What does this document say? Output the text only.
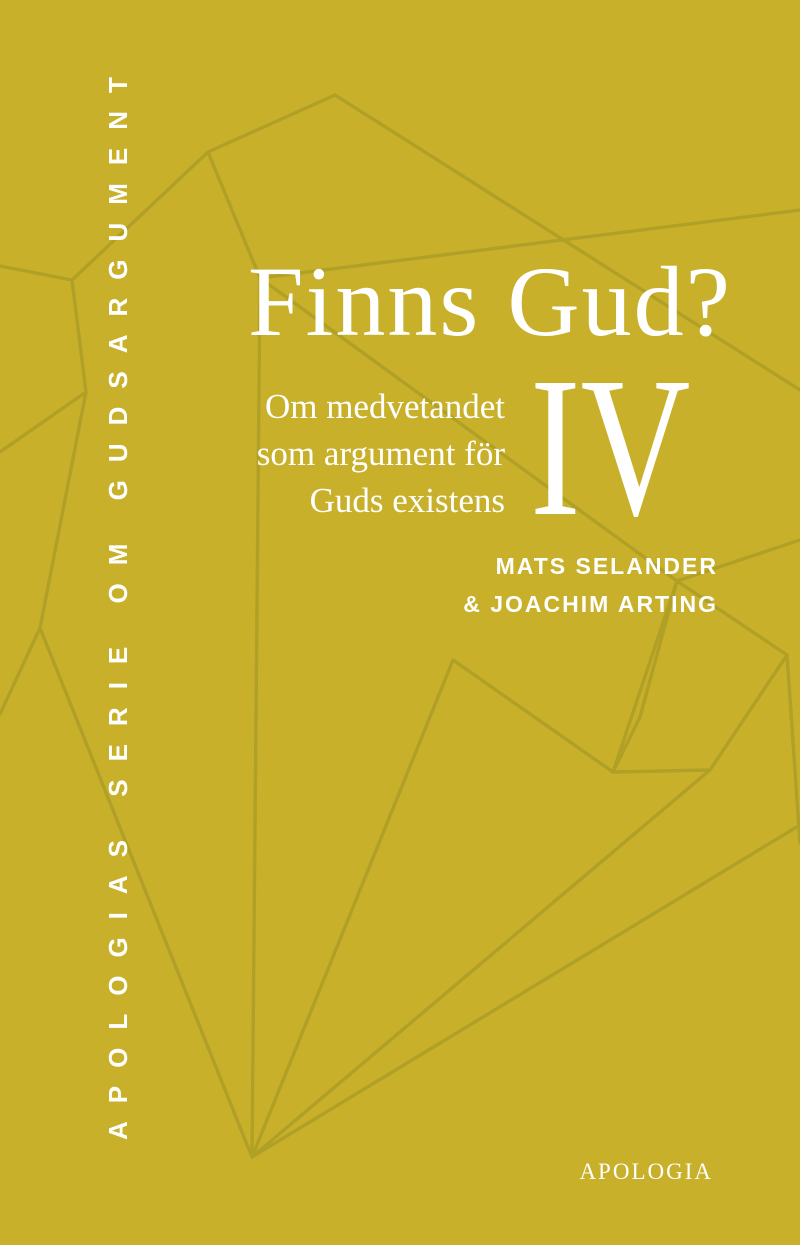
APOLOGIAS SERIE OM GUDSARGUMENT Finns Gud?
Om medvetandet
som argument för
Guds existens IV
MATS SELANDER
& JOACHIM ARTING
APOLOGIA
